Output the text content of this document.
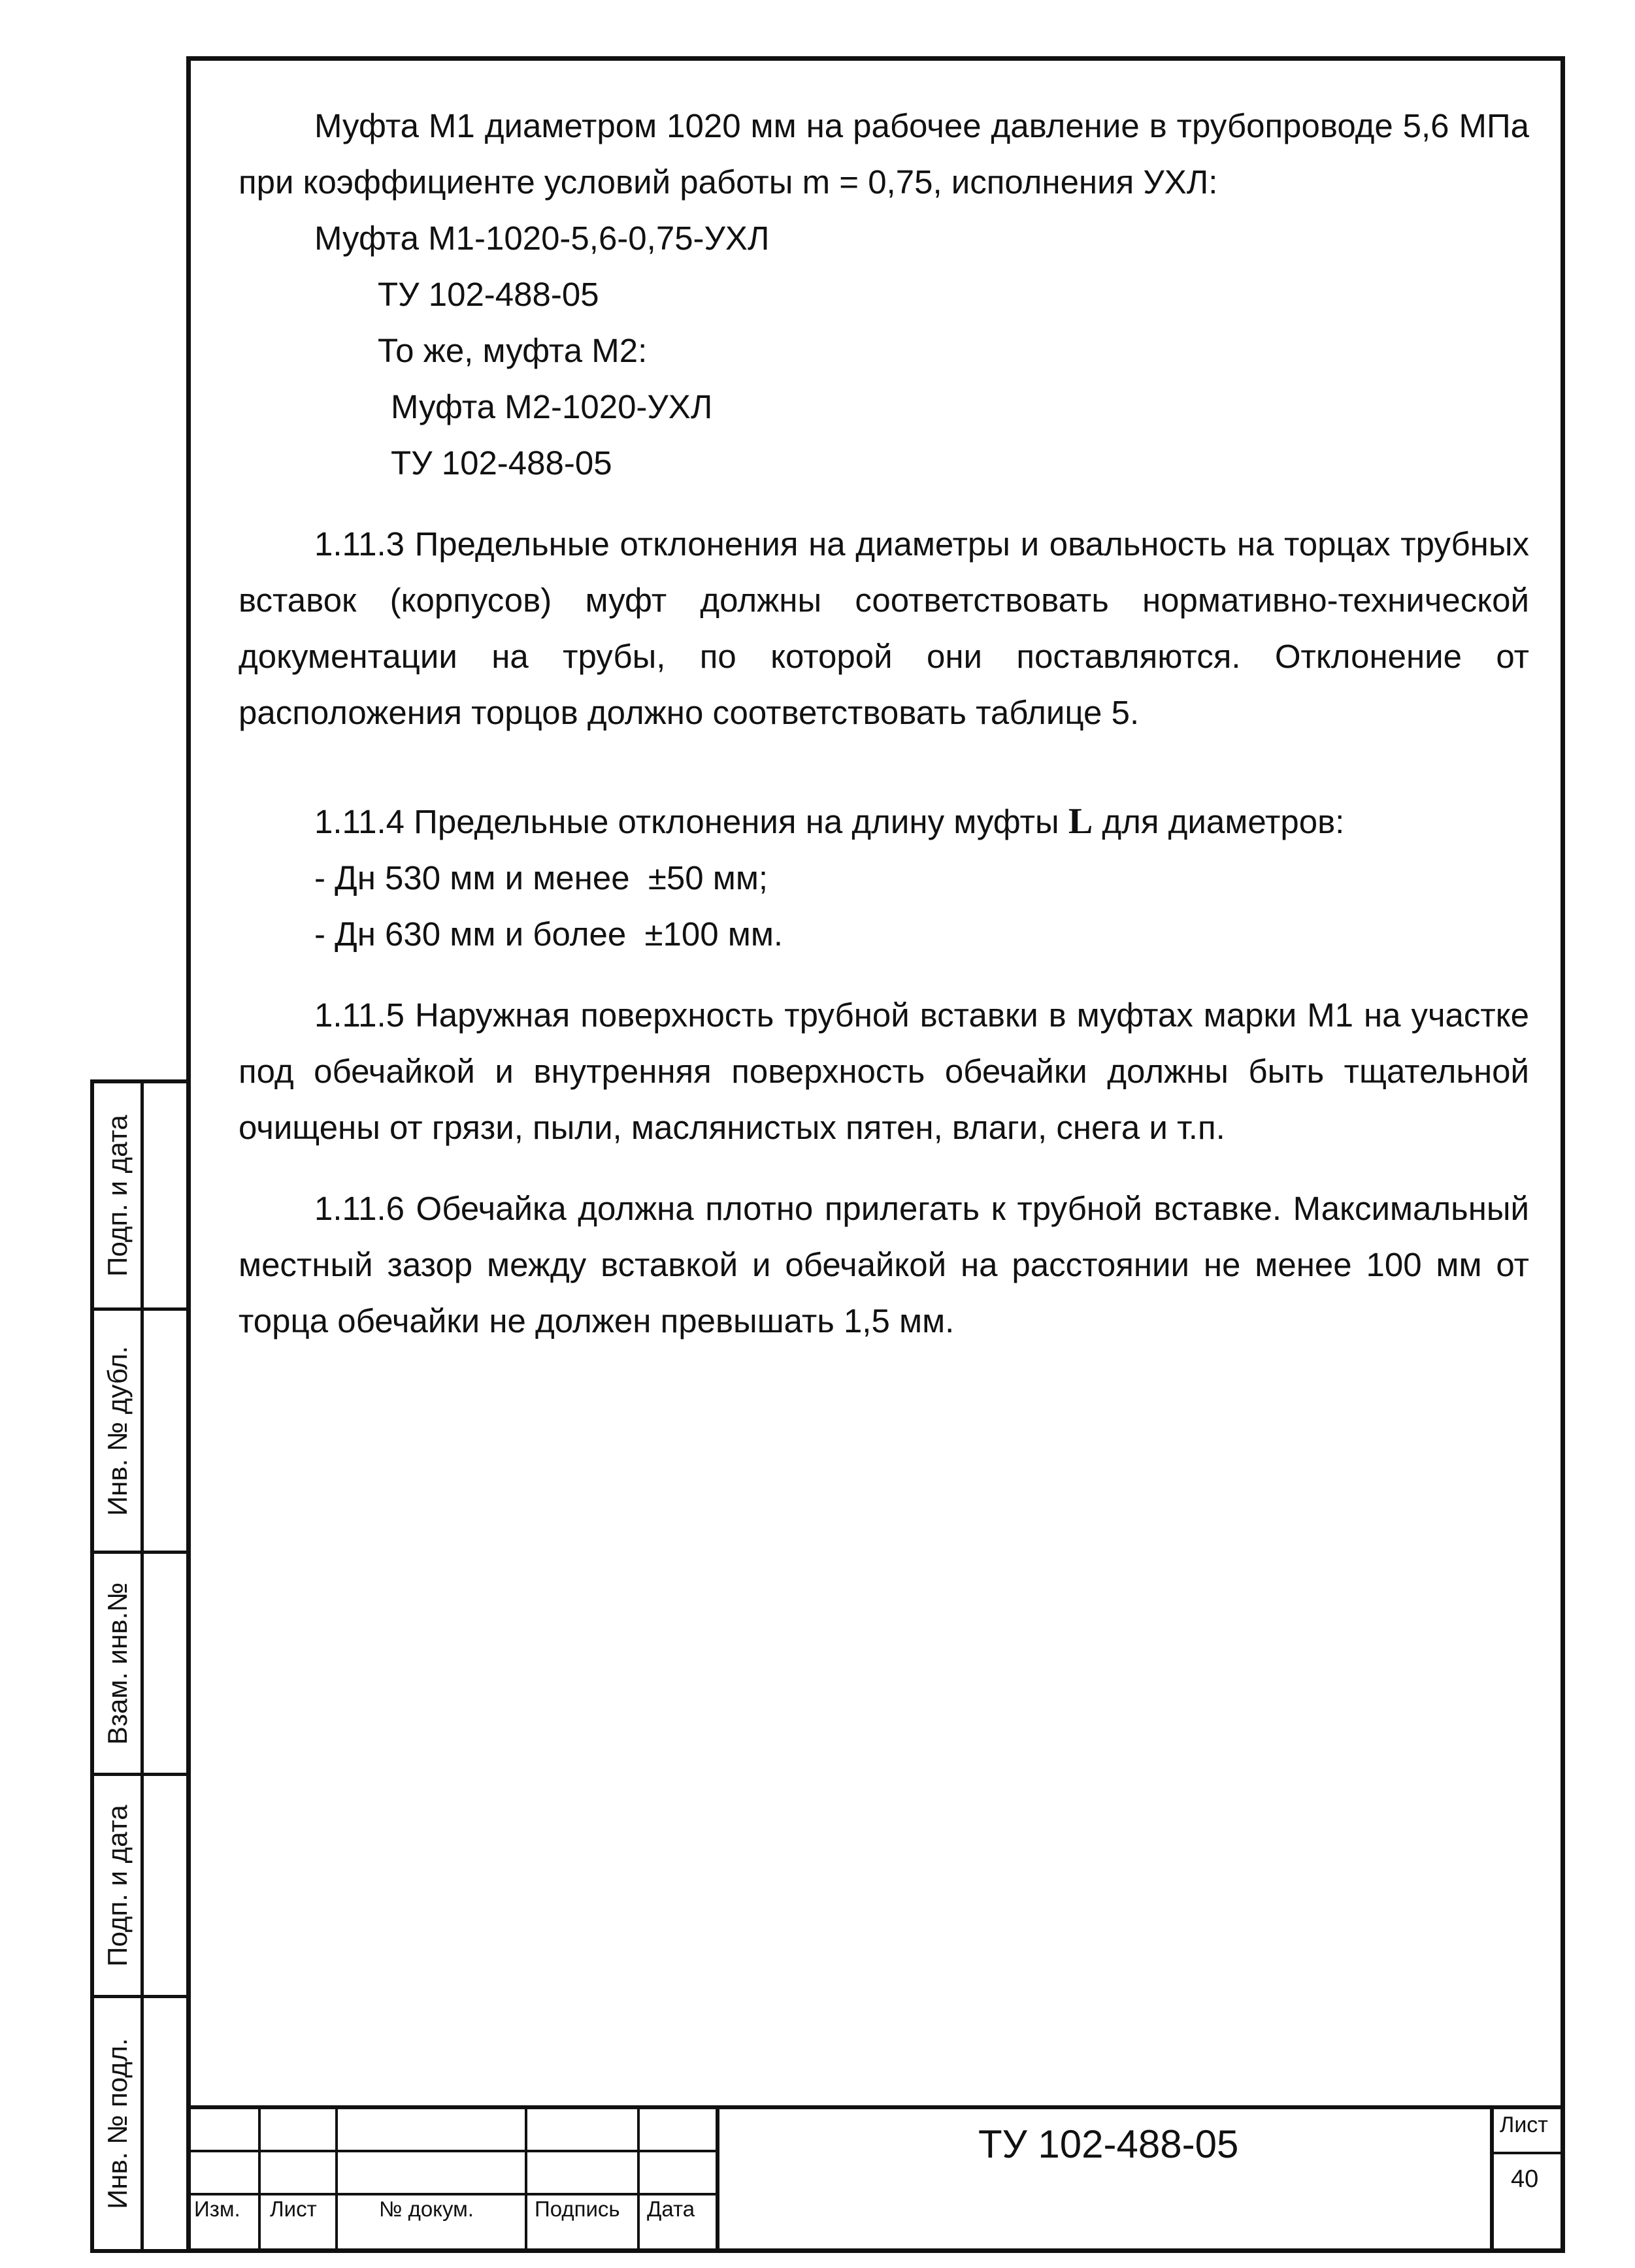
Муфта М1 диаметром 1020 мм на рабочее давление в трубопроводе 5,6 МПа при коэффициенте условий работы m = 0,75, исполнения УХЛ:

Муфта М1-1020-5,6-0,75-УХЛ
ТУ 102-488-05
То же, муфта М2:
Муфта М2-1020-УХЛ
ТУ 102-488-05

1.11.3 Предельные отклонения на диаметры и овальность на торцах трубных вставок (корпусов) муфт должны соответствовать нормативно-технической документации на трубы, по которой они поставляются. Отклонение от расположения торцов должно соответствовать таблице 5.

1.11.4 Предельные отклонения на длину муфты L для диаметров:
- Дн 530 мм и менее  ±50 мм;
- Дн 630 мм и более  ±100 мм.

1.11.5 Наружная поверхность трубной вставки в муфтах марки М1 на участке под обечайкой и внутренняя поверхность обечайки должны быть тщательной очищены от грязи, пыли, маслянистых пятен, влаги, снега и т.п.

1.11.6 Обечайка должна плотно прилегать к трубной вставке. Максимальный местный зазор между вставкой и обечайкой на расстоянии не менее 100 мм от торца обечайки не должен превышать 1,5 мм.

Подп. и дата
Инв. № дубл.
Взам. инв.№
Подп. и дата
Инв. № подл.	Изм. Лист	№ докум.	Подпись Дата
ТУ 102-488-05	Лист
40
